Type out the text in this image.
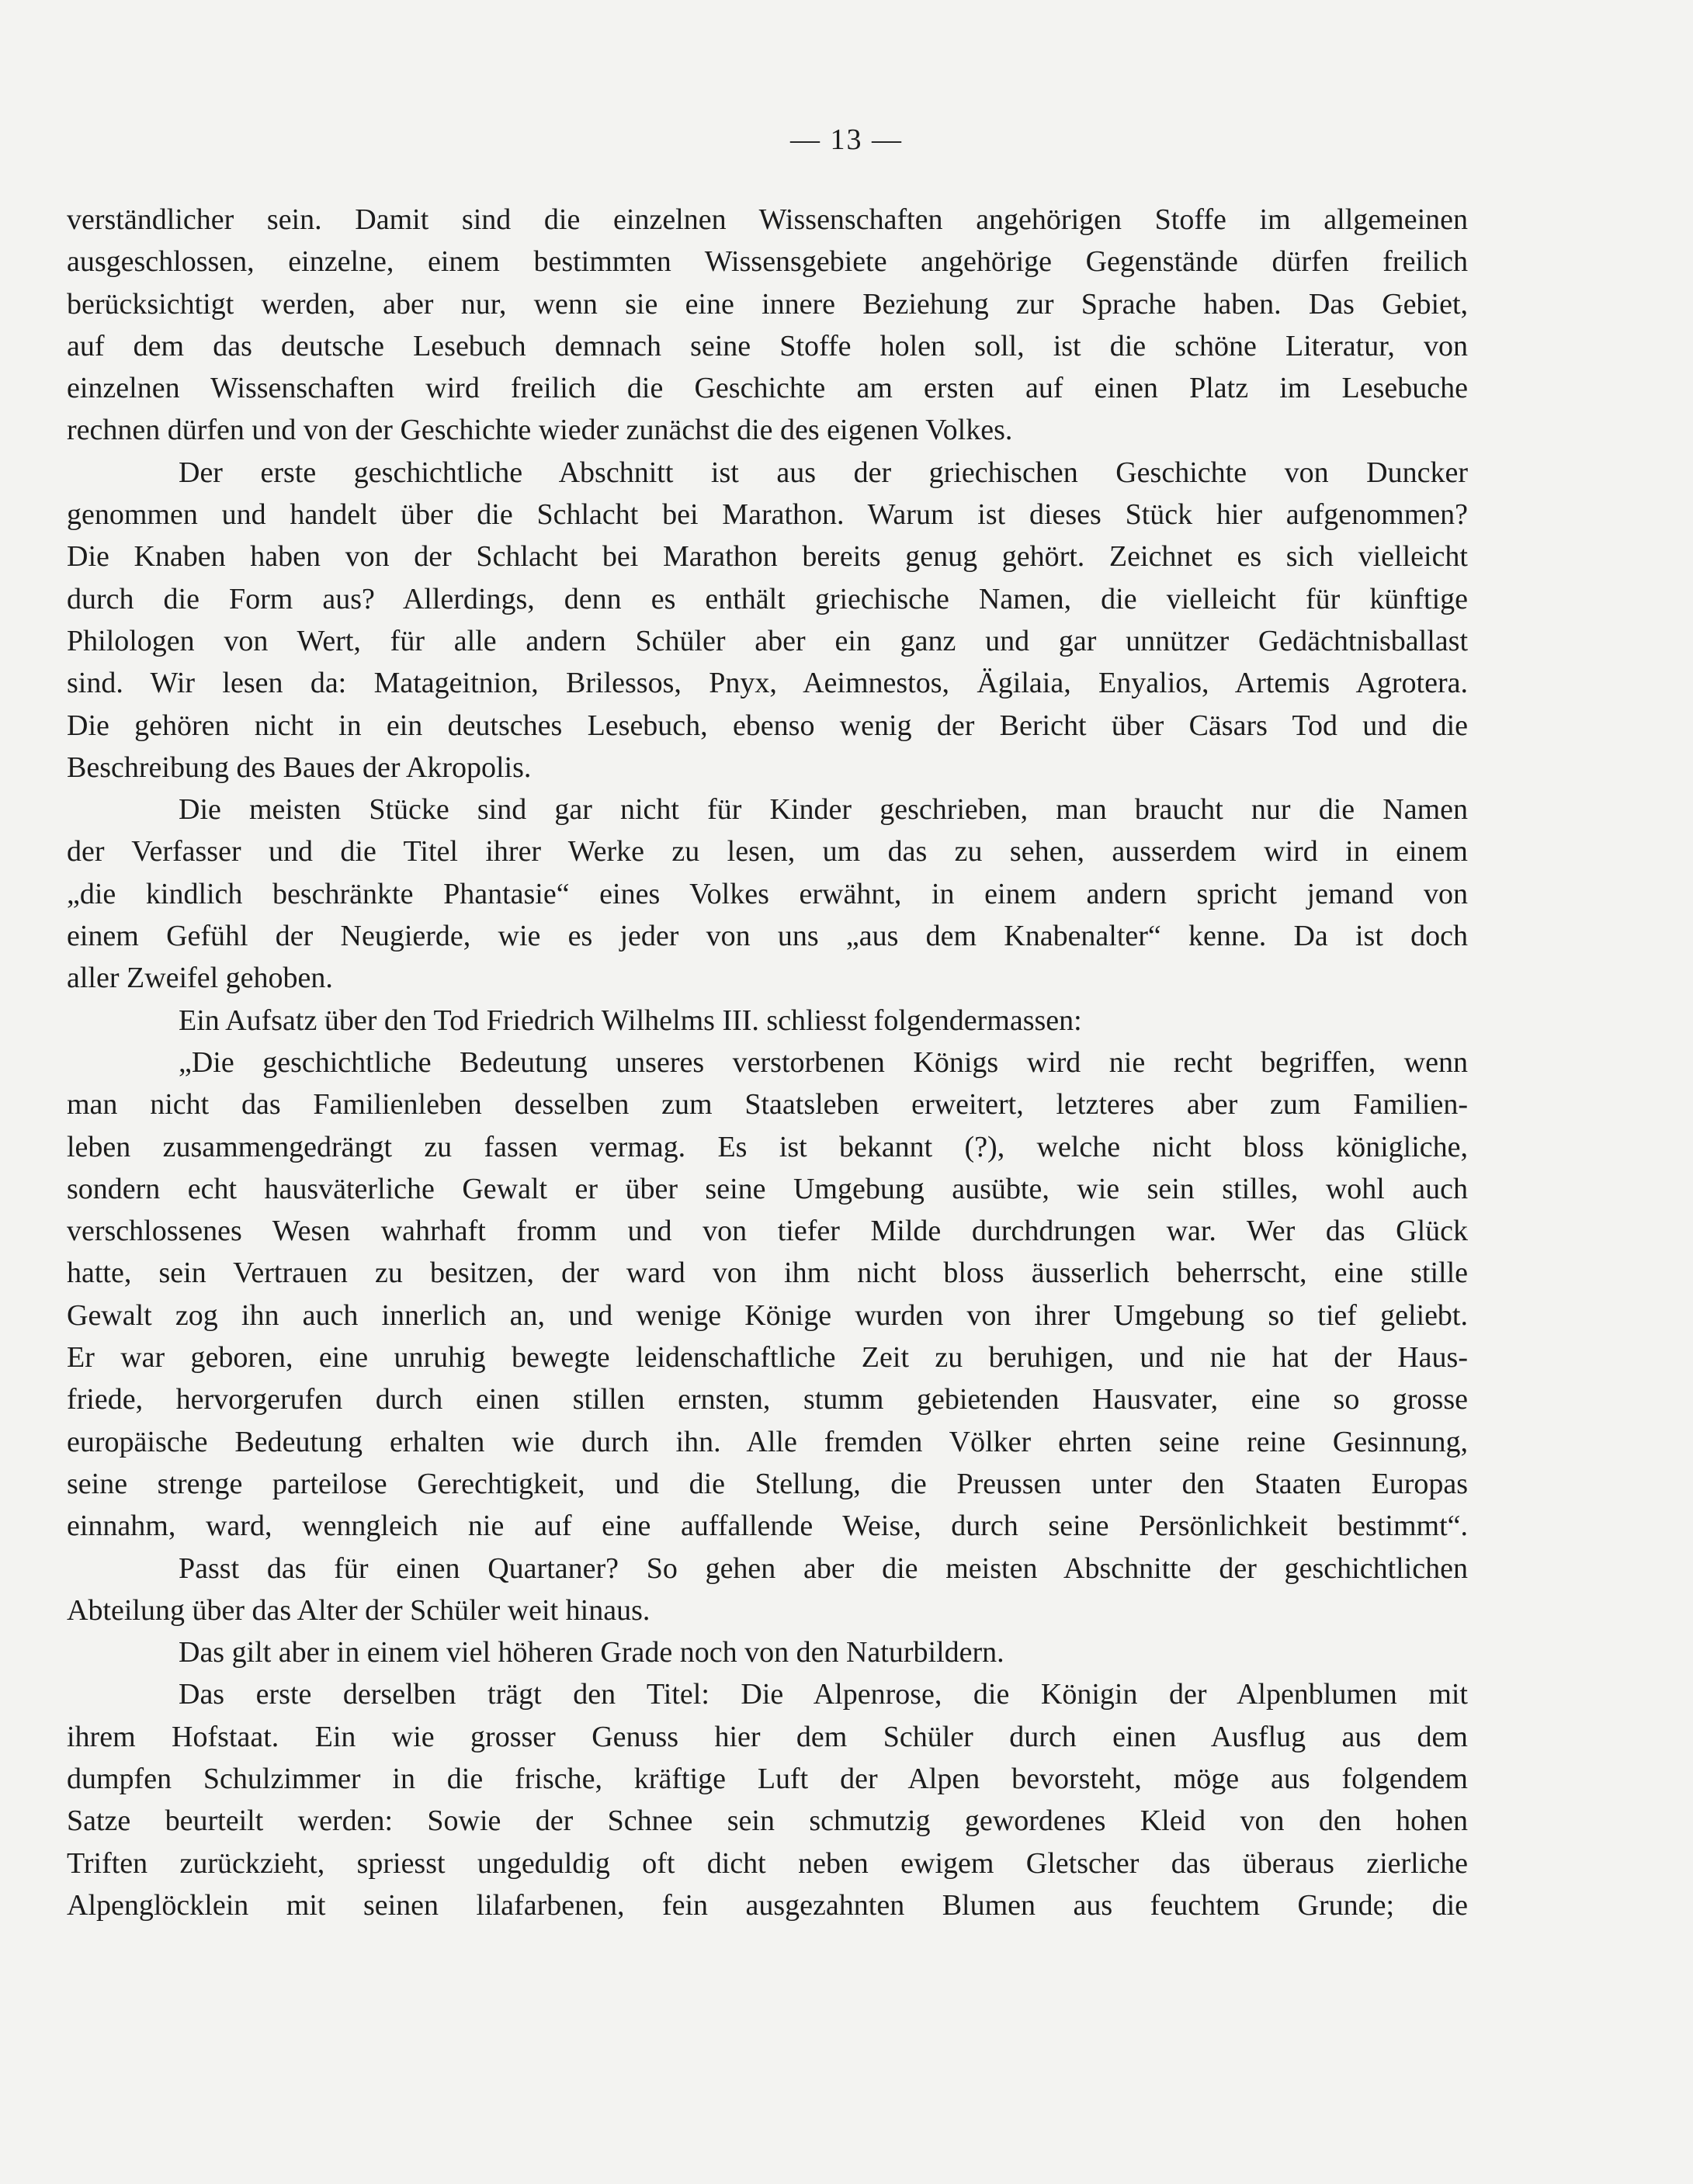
— 13 —
verständlicher sein. Damit sind die einzelnen Wissenschaften angehörigen Stoffe im allgemeinen
ausgeschlossen, einzelne, einem bestimmten Wissensgebiete angehörige Gegenstände dürfen freilich
berücksichtigt werden, aber nur, wenn sie eine innere Beziehung zur Sprache haben. Das Gebiet,
auf dem das deutsche Lesebuch demnach seine Stoffe holen soll, ist die schöne Literatur, von
einzelnen Wissenschaften wird freilich die Geschichte am ersten auf einen Platz im Lesebuche
rechnen dürfen und von der Geschichte wieder zunächst die des eigenen Volkes.
Der erste geschichtliche Abschnitt ist aus der griechischen Geschichte von Duncker
genommen und handelt über die Schlacht bei Marathon. Warum ist dieses Stück hier aufgenommen?
Die Knaben haben von der Schlacht bei Marathon bereits genug gehört. Zeichnet es sich vielleicht
durch die Form aus? Allerdings, denn es enthält griechische Namen, die vielleicht für künftige
Philologen von Wert, für alle andern Schüler aber ein ganz und gar unnützer Gedächtnisballast
sind. Wir lesen da: Matageitnion, Brilessos, Pnyx, Aeimnestos, Ägilaia, Enyalios, Artemis Agrotera.
Die gehören nicht in ein deutsches Lesebuch, ebenso wenig der Bericht über Cäsars Tod und die
Beschreibung des Baues der Akropolis.
Die meisten Stücke sind gar nicht für Kinder geschrieben, man braucht nur die Namen
der Verfasser und die Titel ihrer Werke zu lesen, um das zu sehen, ausserdem wird in einem
„die kindlich beschränkte Phantasie“ eines Volkes erwähnt, in einem andern spricht jemand von
einem Gefühl der Neugierde, wie es jeder von uns „aus dem Knabenalter“ kenne. Da ist doch
aller Zweifel gehoben.
Ein Aufsatz über den Tod Friedrich Wilhelms III. schliesst folgendermassen:
„Die geschichtliche Bedeutung unseres verstorbenen Königs wird nie recht begriffen, wenn
man nicht das Familienleben desselben zum Staatsleben erweitert, letzteres aber zum Familien-
leben zusammengedrängt zu fassen vermag. Es ist bekannt (?), welche nicht bloss königliche,
sondern echt hausväterliche Gewalt er über seine Umgebung ausübte, wie sein stilles, wohl auch
verschlossenes Wesen wahrhaft fromm und von tiefer Milde durchdrungen war. Wer das Glück
hatte, sein Vertrauen zu besitzen, der ward von ihm nicht bloss äusserlich beherrscht, eine stille
Gewalt zog ihn auch innerlich an, und wenige Könige wurden von ihrer Umgebung so tief geliebt.
Er war geboren, eine unruhig bewegte leidenschaftliche Zeit zu beruhigen, und nie hat der Haus-
friede, hervorgerufen durch einen stillen ernsten, stumm gebietenden Hausvater, eine so grosse
europäische Bedeutung erhalten wie durch ihn. Alle fremden Völker ehrten seine reine Gesinnung,
seine strenge parteilose Gerechtigkeit, und die Stellung, die Preussen unter den Staaten Europas
einnahm, ward, wenngleich nie auf eine auffallende Weise, durch seine Persönlichkeit bestimmt“.
Passt das für einen Quartaner? So gehen aber die meisten Abschnitte der geschichtlichen
Abteilung über das Alter der Schüler weit hinaus.
Das gilt aber in einem viel höheren Grade noch von den Naturbildern.
Das erste derselben trägt den Titel: Die Alpenrose, die Königin der Alpenblumen mit
ihrem Hofstaat. Ein wie grosser Genuss hier dem Schüler durch einen Ausflug aus dem
dumpfen Schulzimmer in die frische, kräftige Luft der Alpen bevorsteht, möge aus folgendem
Satze beurteilt werden: Sowie der Schnee sein schmutzig gewordenes Kleid von den hohen
Triften zurückzieht, spriesst ungeduldig oft dicht neben ewigem Gletscher das überaus zierliche
Alpenglöcklein mit seinen lilafarbenen, fein ausgezahnten Blumen aus feuchtem Grunde; die
